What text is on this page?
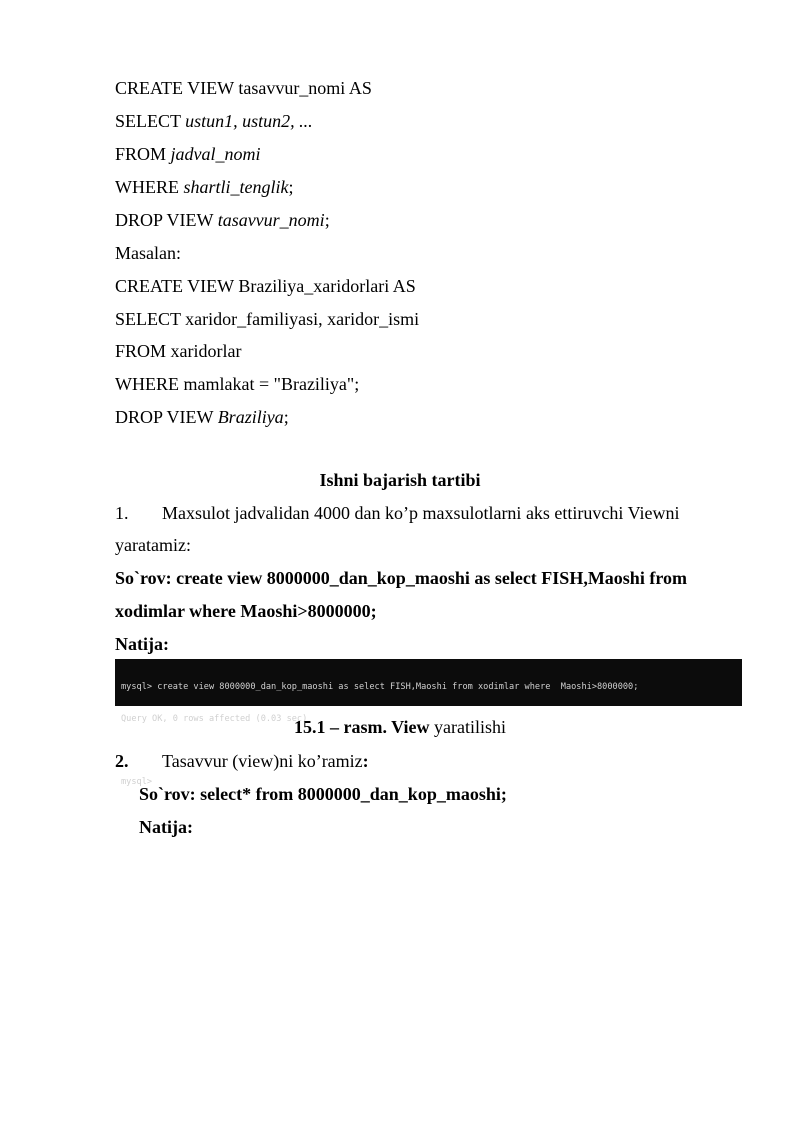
CREATE VIEW tasavvur_nomi AS
SELECT ustun1, ustun2, ...
FROM jadval_nomi
WHERE shartli_tenglik;
DROP VIEW tasavvur_nomi;
Masalan:
CREATE VIEW Braziliya_xaridorlari AS
SELECT xaridor_familiyasi, xaridor_ismi
FROM xaridorlar
WHERE mamlakat = "Braziliya";
DROP VIEW Braziliya;
Ishni bajarish tartibi
1. Maxsulot jadvalidan 4000 dan ko’p maxsulotlarni aks ettiruvchi Viewni
yaratamiz:
So`rov: create view 8000000_dan_kop_maoshi as select FISH,Maoshi from
xodimlar where Maoshi>8000000;
Natija:

mysql> create view 8000000_dan_kop_maoshi as select FISH,Maoshi from xodimlar where  Maoshi>8000000;

Query OK, 0 rows affected (0.03 sec)

mysql>

15.1 – rasm. View yaratilishi
2. Tasavvur (view)ni ko’ramiz:
So`rov: select* from 8000000_dan_kop_maoshi;
Natija:
